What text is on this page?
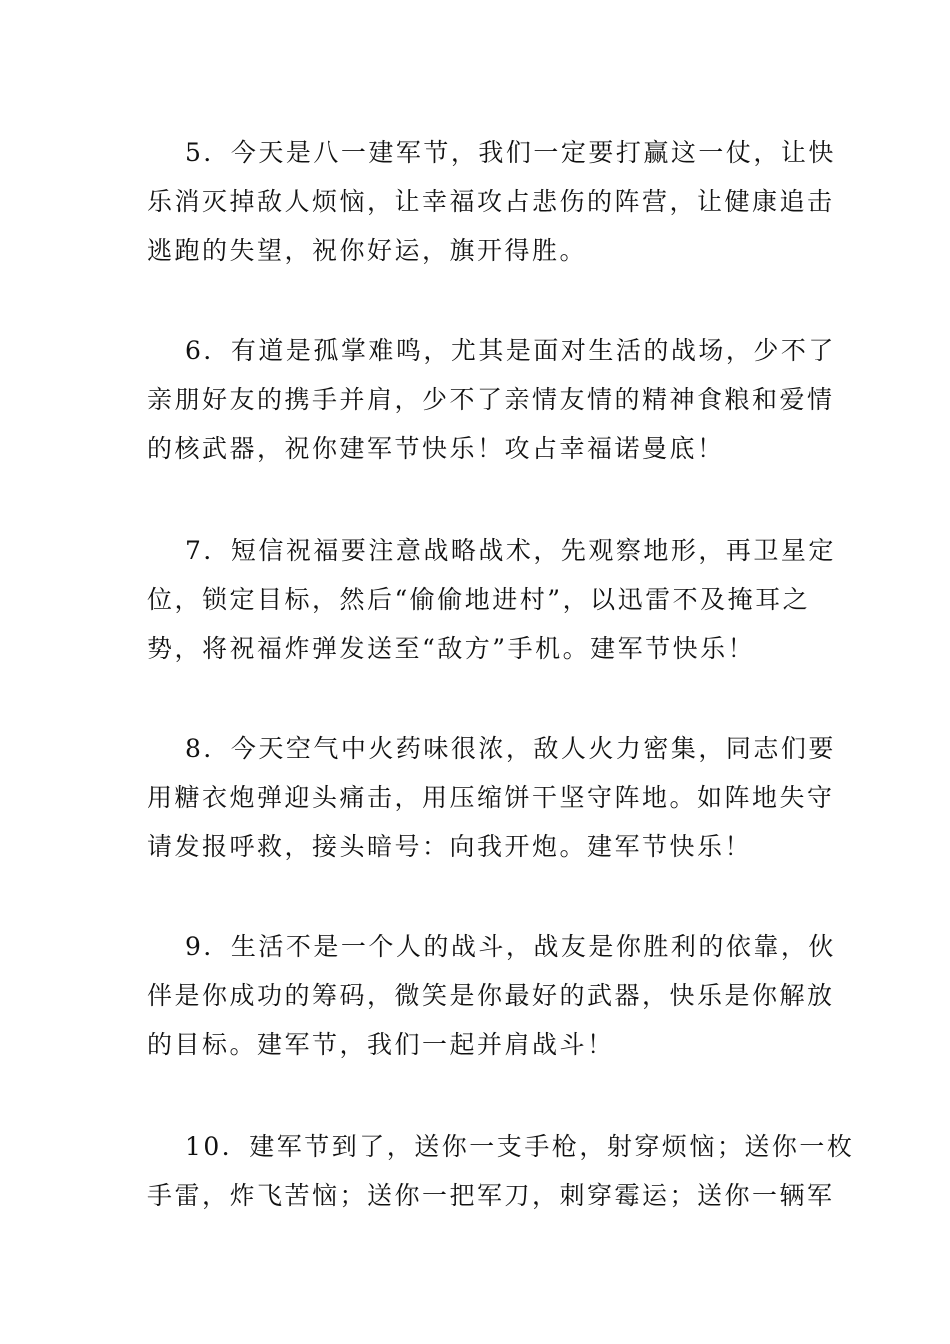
5．今天是八一建军节，我们一定要打赢这一仗，让快
乐消灭掉敌人烦恼，让幸福攻占悲伤的阵营，让健康追击
逃跑的失望，祝你好运，旗开得胜。
6．有道是孤掌难鸣，尤其是面对生活的战场，少不了
亲朋好友的携手并肩，少不了亲情友情的精神食粮和爱情
的核武器，祝你建军节快乐！攻占幸福诺曼底！
7．短信祝福要注意战略战术，先观察地形，再卫星定
位，锁定目标，然后“偷偷地进村”，以迅雷不及掩耳之
势，将祝福炸弹发送至“敌方”手机。建军节快乐！
8．今天空气中火药味很浓，敌人火力密集，同志们要
用糖衣炮弹迎头痛击，用压缩饼干坚守阵地。如阵地失守
请发报呼救，接头暗号：向我开炮。建军节快乐！
9．生活不是一个人的战斗，战友是你胜利的依靠，伙
伴是你成功的筹码，微笑是你最好的武器，快乐是你解放
的目标。建军节，我们一起并肩战斗！
10．建军节到了，送你一支手枪，射穿烦恼；送你一枚
手雷，炸飞苦恼；送你一把军刀，刺穿霉运；送你一辆军
